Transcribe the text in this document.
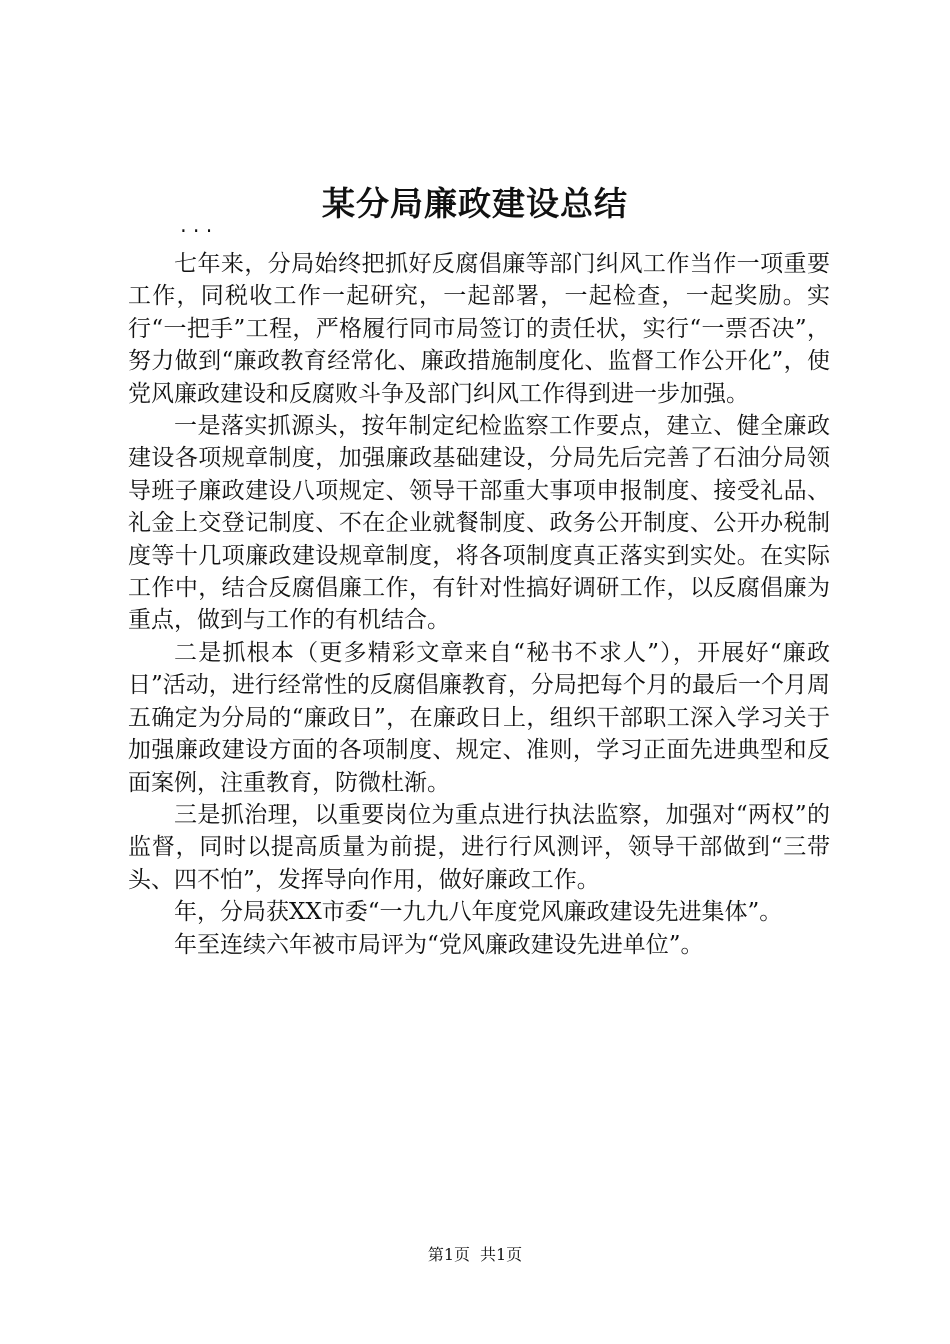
某分局廉政建设总结
...

七年来，分局始终把抓好反腐倡廉等部门纠风工作当作一项重要工作，同税收工作一起研究，一起部署，一起检查，一起奖励。实行“一把手”工程，严格履行同市局签订的责任状，实行“一票否决”，努力做到“廉政教育经常化、廉政措施制度化、监督工作公开化”，使党风廉政建设和反腐败斗争及部门纠风工作得到进一步加强。

一是落实抓源头，按年制定纪检监察工作要点，建立、健全廉政建设各项规章制度，加强廉政基础建设，分局先后完善了石油分局领导班子廉政建设八项规定、领导干部重大事项申报制度、接受礼品、礼金上交登记制度、不在企业就餐制度、政务公开制度、公开办税制度等十几项廉政建设规章制度，将各项制度真正落实到实处。在实际工作中，结合反腐倡廉工作，有针对性搞好调研工作，以反腐倡廉为重点，做到与工作的有机结合。

二是抓根本（更多精彩文章来自“秘书不求人”），开展好“廉政日”活动，进行经常性的反腐倡廉教育，分局把每个月的最后一个月周五确定为分局的“廉政日”，在廉政日上，组织干部职工深入学习关于加强廉政建设方面的各项制度、规定、准则，学习正面先进典型和反面案例，注重教育，防微杜渐。

三是抓治理，以重要岗位为重点进行执法监察，加强对“两权”的监督，同时以提高质量为前提，进行行风测评，领导干部做到“三带头、四不怕”，发挥导向作用，做好廉政工作。

年，分局获XX市委“一九九八年度党风廉政建设先进集体”。

年至连续六年被市局评为“党风廉政建设先进单位”。

第1页 共1页
